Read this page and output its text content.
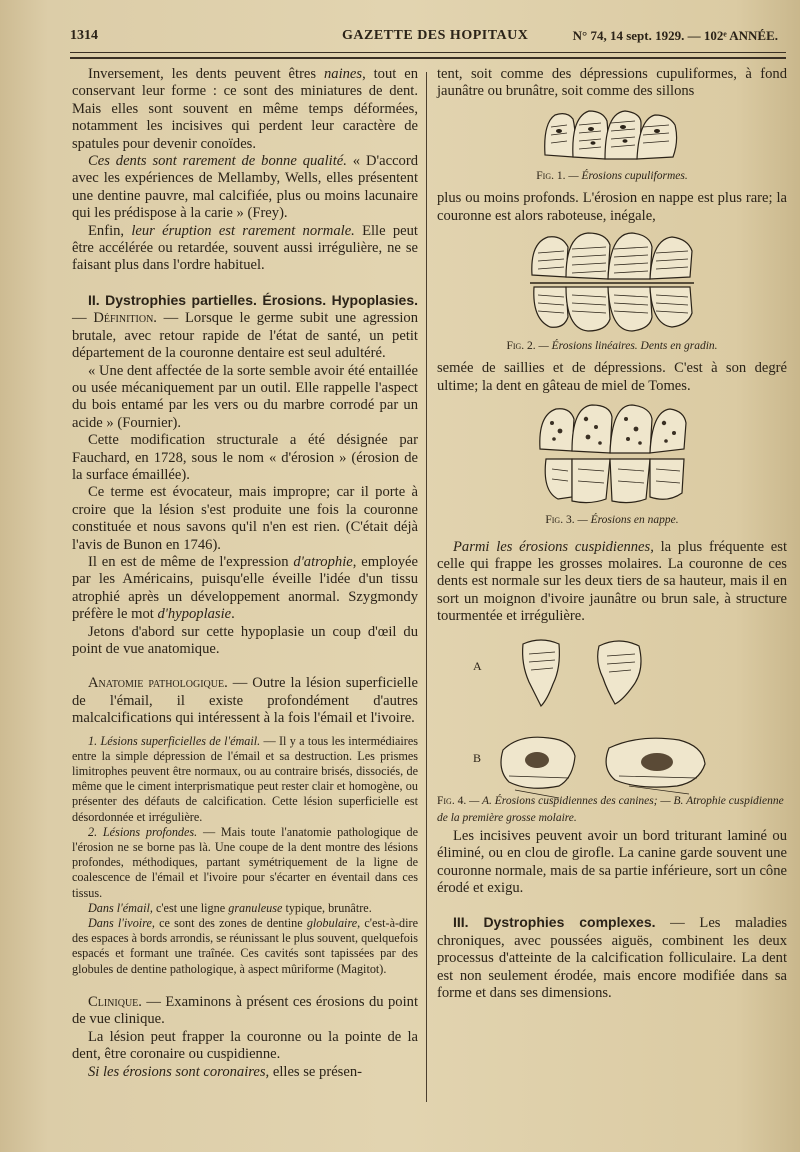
1314	GAZETTE DES HOPITAUX	N° 74, 14 sept. 1929. — 102ᵉ ANNÉE.

Inversement, les dents peuvent êtres naines, tout en conservant leur forme : ce sont des miniatures de dent. Mais elles sont souvent en même temps déformées, notamment les incisives qui perdent leur caractère de spatules pour devenir conoïdes.

Ces dents sont rarement de bonne qualité. « D'accord avec les expériences de Mellamby, Wells, elles présentent une dentine pauvre, mal calcifiée, plus ou moins lacunaire qui les prédispose à la carie » (Frey).

Enfin, leur éruption est rarement normale. Elle peut être accélérée ou retardée, souvent aussi irrégulière, ne se faisant plus dans l'ordre habituel.

II. Dystrophies partielles. Érosions. Hypoplasies. — Définition. — Lorsque le germe subit une agression brutale, avec retour rapide de l'état de santé, un petit département de la couronne dentaire est seul adultéré.

« Une dent affectée de la sorte semble avoir été entaillée ou usée mécaniquement par un outil. Elle rappelle l'aspect du bois entamé par les vers ou du marbre corrodé par un acide » (Fournier).

Cette modification structurale a été désignée par Fauchard, en 1728, sous le nom « d'érosion » (érosion de la surface émaillée).

Ce terme est évocateur, mais impropre; car il porte à croire que la lésion s'est produite une fois la couronne constituée et nous savons qu'il n'en est rien. (C'était déjà l'avis de Bunon en 1746).

Il en est de même de l'expression d'atrophie, employée par les Américains, puisqu'elle éveille l'idée d'un tissu atrophié après un développement anormal. Szygmondy préfère le mot d'hypoplasie.

Jetons d'abord sur cette hypoplasie un coup d'œil du point de vue anatomique.

Anatomie pathologique. — Outre la lésion superficielle de l'émail, il existe profondément d'autres malcalcifications qui intéressent à la fois l'émail et l'ivoire.

1. Lésions superficielles de l'émail. — Il y a tous les intermédiaires entre la simple dépression de l'émail et sa destruction. Les prismes limitrophes peuvent être normaux, ou au contraire brisés, dissociés, de même que le ciment interprismatique peut rester clair et homogène, ou présenter des défauts de calcification. Cette lésion superficielle est désordonnée et irrégulière.

2. Lésions profondes. — Mais toute l'anatomie pathologique de l'érosion ne se borne pas là. Une coupe de la dent montre des lésions profondes, méthodiques, partant symétriquement de la ligne de coalescence de l'émail et l'ivoire pour s'écarter en éventail dans ces tissus.

Dans l'émail, c'est une ligne granuleuse typique, brunâtre.

Dans l'ivoire, ce sont des zones de dentine globulaire, c'est-à-dire des espaces à bords arrondis, se réunissant le plus souvent, quelquefois espacés et formant une traînée. Ces cavités sont tapissées par des globules de dentine pathologique, à aspect mûriforme (Magitot).

Clinique. — Examinons à présent ces érosions du point de vue clinique.

La lésion peut frapper la couronne ou la pointe de la dent, être coronaire ou cuspidienne.

Si les érosions sont coronaires, elles se présen-

tent, soit comme des dépressions cupuliformes, à fond jaunâtre ou brunâtre, soit comme des sillons

Fig. 1. — Érosions cupuliformes.

plus ou moins profonds. L'érosion en nappe est plus rare; la couronne est alors raboteuse, inégale,

Fig. 2. — Érosions linéaires. Dents en gradin.

semée de saillies et de dépressions. C'est à son degré ultime; la dent en gâteau de miel de Tomes.

Fig. 3. — Érosions en nappe.

Parmi les érosions cuspidiennes, la plus fréquente est celle qui frappe les grosses molaires. La couronne de ces dents est normale sur les deux tiers de sa hauteur, mais il en sort un moignon d'ivoire jaunâtre ou brun sale, à structure tourmentée et irrégulière.

A
B
Fig. 4. — A. Érosions cuspidiennes des canines; — B. Atrophie cuspidienne de la première grosse molaire.

Les incisives peuvent avoir un bord triturant laminé ou éliminé, ou en clou de girofle. La canine garde souvent une couronne normale, mais de sa partie inférieure, sort un cône érodé et exigu.

III. Dystrophies complexes. — Les maladies chroniques, avec poussées aiguës, combinent les deux processus d'atteinte de la calcification folliculaire. La dent est non seulement érodée, mais encore modifiée dans sa forme et dans ses dimensions.
